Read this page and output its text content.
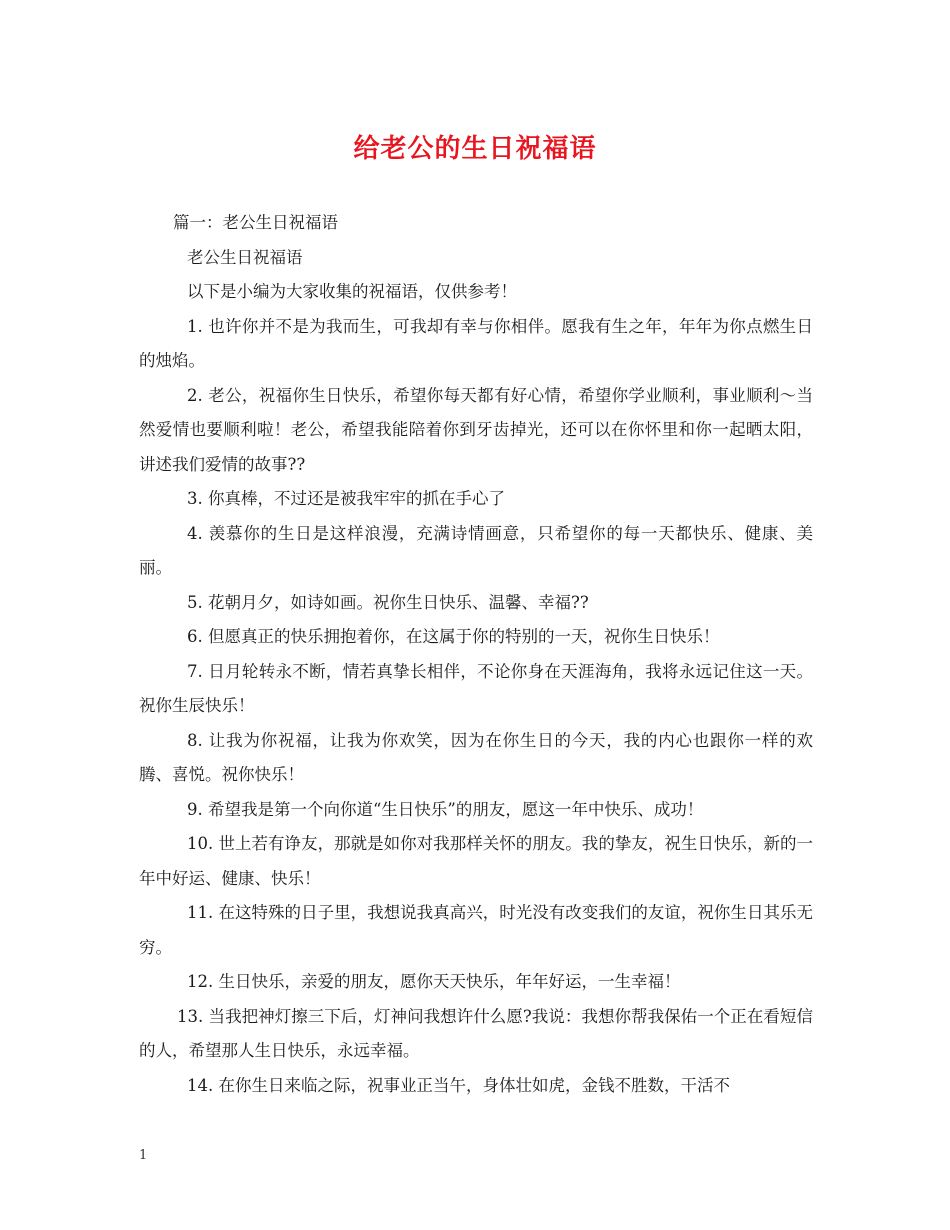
给老公的生日祝福语

篇一：老公生日祝福语

老公生日祝福语

以下是小编为大家收集的祝福语，仅供参考！

1. 也许你并不是为我而生，可我却有幸与你相伴。愿我有生之年，年年为你点燃生日的烛焰。

2. 老公，祝福你生日快乐，希望你每天都有好心情，希望你学业顺利，事业顺利～当然爱情也要顺利啦！老公，希望我能陪着你到牙齿掉光，还可以在你怀里和你一起晒太阳，讲述我们爱情的故事??

3. 你真棒，不过还是被我牢牢的抓在手心了

4. 羡慕你的生日是这样浪漫，充满诗情画意，只希望你的每一天都快乐、健康、美丽。

5. 花朝月夕，如诗如画。祝你生日快乐、温馨、幸福??

6. 但愿真正的快乐拥抱着你，在这属于你的特别的一天，祝你生日快乐！

7. 日月轮转永不断，情若真挚长相伴，不论你身在天涯海角，我将永远记住这一天。祝你生辰快乐！

8. 让我为你祝福，让我为你欢笑，因为在你生日的今天，我的内心也跟你一样的欢腾、喜悦。祝你快乐！

9. 希望我是第一个向你道“生日快乐”的朋友，愿这一年中快乐、成功！

10. 世上若有诤友，那就是如你对我那样关怀的朋友。我的挚友，祝生日快乐，新的一年中好运、健康、快乐！

11. 在这特殊的日子里，我想说我真高兴，时光没有改变我们的友谊，祝你生日其乐无穷。

12. 生日快乐，亲爱的朋友，愿你天天快乐，年年好运，一生幸福！

13. 当我把神灯擦三下后，灯神问我想许什么愿?我说：我想你帮我保佑一个正在看短信的人，希望那人生日快乐，永远幸福。

14. 在你生日来临之际，祝事业正当午，身体壮如虎，金钱不胜数，干活不

1
